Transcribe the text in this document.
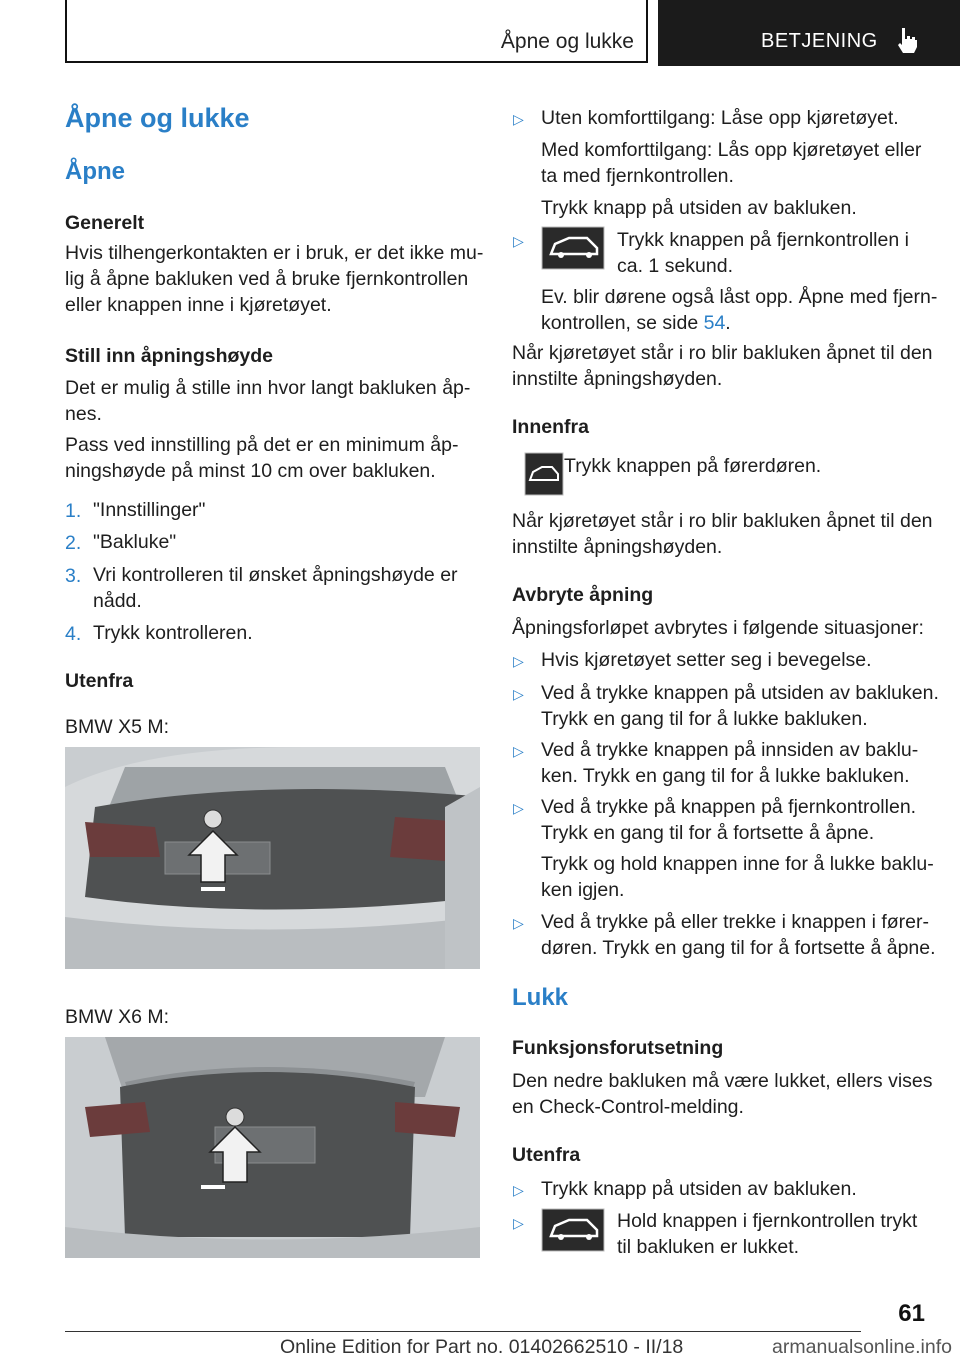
Åpne og lukke	BETJENING
Åpne og lukke
Åpne
Generelt
Hvis tilhengerkontakten er i bruk, er det ikke mu-
lig å åpne bakluken ved å bruke fjernkontrollen
eller knappen inne i kjøretøyet.
Still inn åpningshøyde
Det er mulig å stille inn hvor langt bakluken åp-
nes.
Pass ved innstilling på det er en minimum åp-
ningshøyde på minst 10 cm over bakluken.
1. "Innstillinger"
2. "Bakluke"
3. Vri kontrolleren til ønsket åpningshøyde er
nådd.
4. Trykk kontrolleren.
Utenfra
BMW X5 M:
BMW X6 M:
▷ Uten komforttilgang: Låse opp kjøretøyet.
Med komforttilgang: Lås opp kjøretøyet eller
ta med fjernkontrollen.
Trykk knapp på utsiden av bakluken.
▷	Trykk knappen på fjernkontrollen i
ca. 1 sekund.
Ev. blir dørene også låst opp. Åpne med fjern-
kontrollen, se side 54.
Når kjøretøyet står i ro blir bakluken åpnet til den
innstilte åpningshøyden.
Innenfra
Trykk knappen på førerdøren.
Når kjøretøyet står i ro blir bakluken åpnet til den
innstilte åpningshøyden.
Avbryte åpning
Åpningsforløpet avbrytes i følgende situasjoner:
▷ Hvis kjøretøyet setter seg i bevegelse.
▷ Ved å trykke knappen på utsiden av bakluken.
Trykk en gang til for å lukke bakluken.
▷ Ved å trykke knappen på innsiden av baklu-
ken. Trykk en gang til for å lukke bakluken.
▷ Ved å trykke på knappen på fjernkontrollen.
Trykk en gang til for å fortsette å åpne.
Trykk og hold knappen inne for å lukke baklu-
ken igjen.
▷ Ved å trykke på eller trekke i knappen i fører-
døren. Trykk en gang til for å fortsette å åpne.
Lukk
Funksjonsforutsetning
Den nedre bakluken må være lukket, ellers vises
en Check-Control-melding.
Utenfra
▷ Trykk knapp på utsiden av bakluken.
▷	Hold knappen i fjernkontrollen trykt
til bakluken er lukket.
61
Online Edition for Part no. 01402662510 - II/18	armanualsonline.info
